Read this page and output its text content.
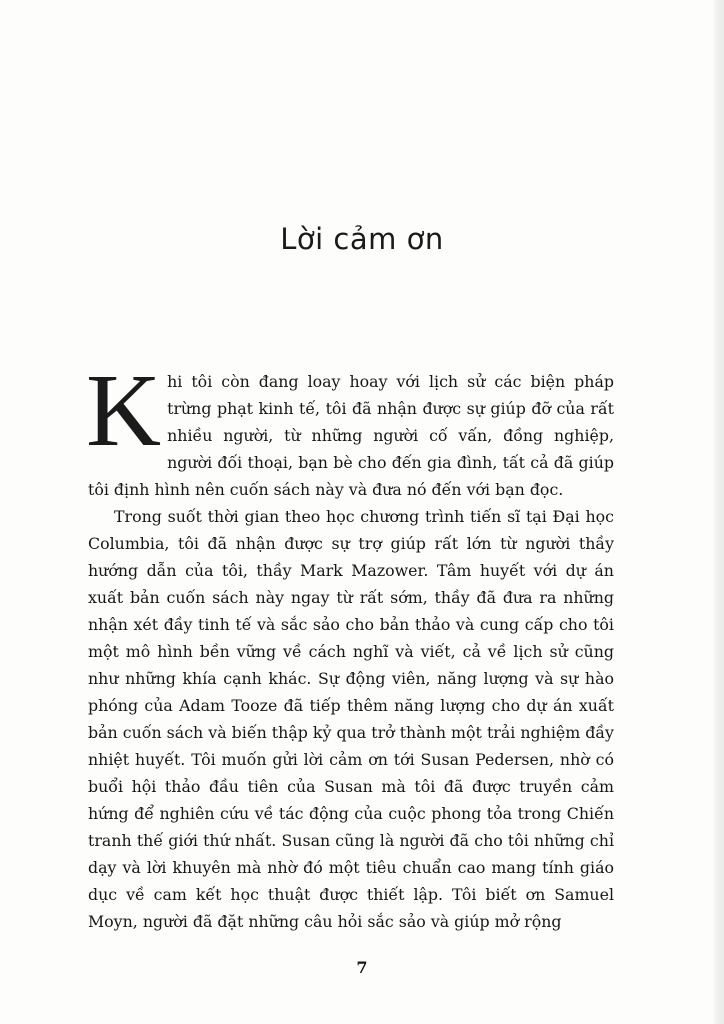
Lời cảm ơn

Khi tôi còn đang loay hoay với lịch sử các biện pháp trừng phạt kinh tế, tôi đã nhận được sự giúp đỡ của rất nhiều người, từ những người cố vấn, đồng nghiệp, người đối thoại, bạn bè cho đến gia đình, tất cả đã giúp tôi định hình nên cuốn sách này và đưa nó đến với bạn đọc.

Trong suốt thời gian theo học chương trình tiến sĩ tại Đại học Columbia, tôi đã nhận được sự trợ giúp rất lớn từ người thầy hướng dẫn của tôi, thầy Mark Mazower. Tâm huyết với dự án xuất bản cuốn sách này ngay từ rất sớm, thầy đã đưa ra những nhận xét đầy tinh tế và sắc sảo cho bản thảo và cung cấp cho tôi một mô hình bền vững về cách nghĩ và viết, cả về lịch sử cũng như những khía cạnh khác. Sự động viên, năng lượng và sự hào phóng của Adam Tooze đã tiếp thêm năng lượng cho dự án xuất bản cuốn sách và biến thập kỷ qua trở thành một trải nghiệm đầy nhiệt huyết. Tôi muốn gửi lời cảm ơn tới Susan Pedersen, nhờ có buổi hội thảo đầu tiên của Susan mà tôi đã được truyền cảm hứng để nghiên cứu về tác động của cuộc phong tỏa trong Chiến tranh thế giới thứ nhất. Susan cũng là người đã cho tôi những chỉ dạy và lời khuyên mà nhờ đó một tiêu chuẩn cao mang tính giáo dục về cam kết học thuật được thiết lập. Tôi biết ơn Samuel Moyn, người đã đặt những câu hỏi sắc sảo và giúp mở rộng

7
